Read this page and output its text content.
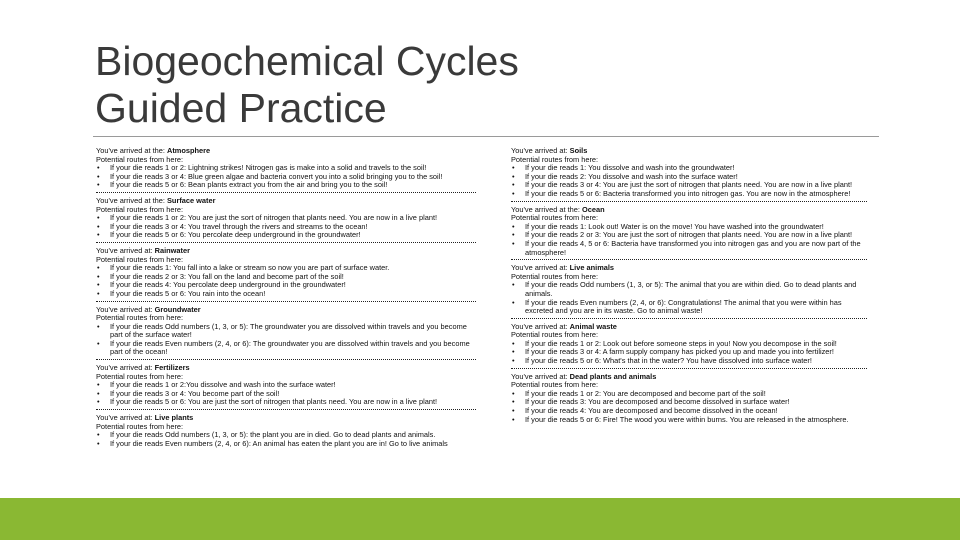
Biogeochemical Cycles
Guided Practice
You've arrived at the: Atmosphere
Potential routes from here:
• If your die reads 1 or 2: Lightning strikes! Nitrogen gas is make into a solid and travels to the soil!
• If your die reads 3 or 4: Blue green algae and bacteria convert you into a solid bringing you to the soil!
• If your die reads 5 or 6: Bean plants extract you from the air and bring you to the soil!
You've arrived at the: Surface water
Potential routes from here:
• If your die reads 1 or 2: You are just the sort of nitrogen that plants need. You are now in a live plant!
• If your die reads 3 or 4: You travel through the rivers and streams to the ocean!
• If your die reads 5 or 6: You percolate deep underground in the groundwater!
You've arrived at: Rainwater
Potential routes from here:
• If your die reads 1: You fall into a lake or stream so now you are part of surface water.
• If your die reads 2 or 3: You fall on the land and become part of the soil!
• If your die reads 4: You percolate deep underground in the groundwater!
• If your die reads 5 or 6: You rain into the ocean!
You've arrived at: Groundwater
Potential routes from here:
• If your die reads Odd numbers (1, 3, or 5): The groundwater you are dissolved within travels and you become part of the surface water!
• If your die reads Even numbers (2, 4, or 6): The groundwater you are dissolved within travels and you become part of the ocean!
You've arrived at: Fertilizers
Potential routes from here:
• If your die reads 1 or 2:You dissolve and wash into the surface water!
• If your die reads 3 or 4: You become part of the soil!
• If your die reads 5 or 6: You are just the sort of nitrogen that plants need. You are now in a live plant!
You've arrived at: Live plants
Potential routes from here:
• If your die reads Odd numbers (1, 3, or 5): the plant you are in died. Go to dead plants and animals.
• If your die reads Even numbers (2, 4, or 6): An animal has eaten the plant you are in! Go to live animals
You've arrived at: Soils
Potential routes from here:
• If your die reads 1: You dissolve and wash into the groundwater!
• If your die reads 2: You dissolve and wash into the surface water!
• If your die reads 3 or 4: You are just the sort of nitrogen that plants need. You are now in a live plant!
• If your die reads 5 or 6: Bacteria transformed you into nitrogen gas. You are now in the atmosphere!
You've arrived at the: Ocean
Potential routes from here:
• If your die reads 1: Look out! Water is on the move! You have washed into the groundwater!
• If your die reads 2 or 3: You are just the sort of nitrogen that plants need. You are now in a live plant!
• If your die reads 4, 5 or 6: Bacteria have transformed you into nitrogen gas and you are now part of the atmosphere!
You've arrived at: Live animals
Potential routes from here:
• If your die reads Odd numbers (1, 3, or 5): The animal that you are within died. Go to dead plants and animals.
• If your die reads Even numbers (2, 4, or 6): Congratulations! The animal that you were within has excreted and you are in its waste. Go to animal waste!
You've arrived at: Animal waste
Potential routes from here:
• If your die reads 1 or 2: Look out before someone steps in you! Now you decompose in the soil!
• If your die reads 3 or 4: A farm supply company has picked you up and made you into fertilizer!
• If your die reads 5 or 6: What's that in the water? You have dissolved into surface water!
You've arrived at: Dead plants and animals
Potential routes from here:
• If your die reads 1 or 2: You are decomposed and become part of the soil!
• If your die reads 3: You are decomposed and become dissolved in surface water!
• If your die reads 4: You are decomposed and become dissolved in the ocean!
• If your die reads 5 or 6: Fire! The wood you were within burns. You are released in the atmosphere.
